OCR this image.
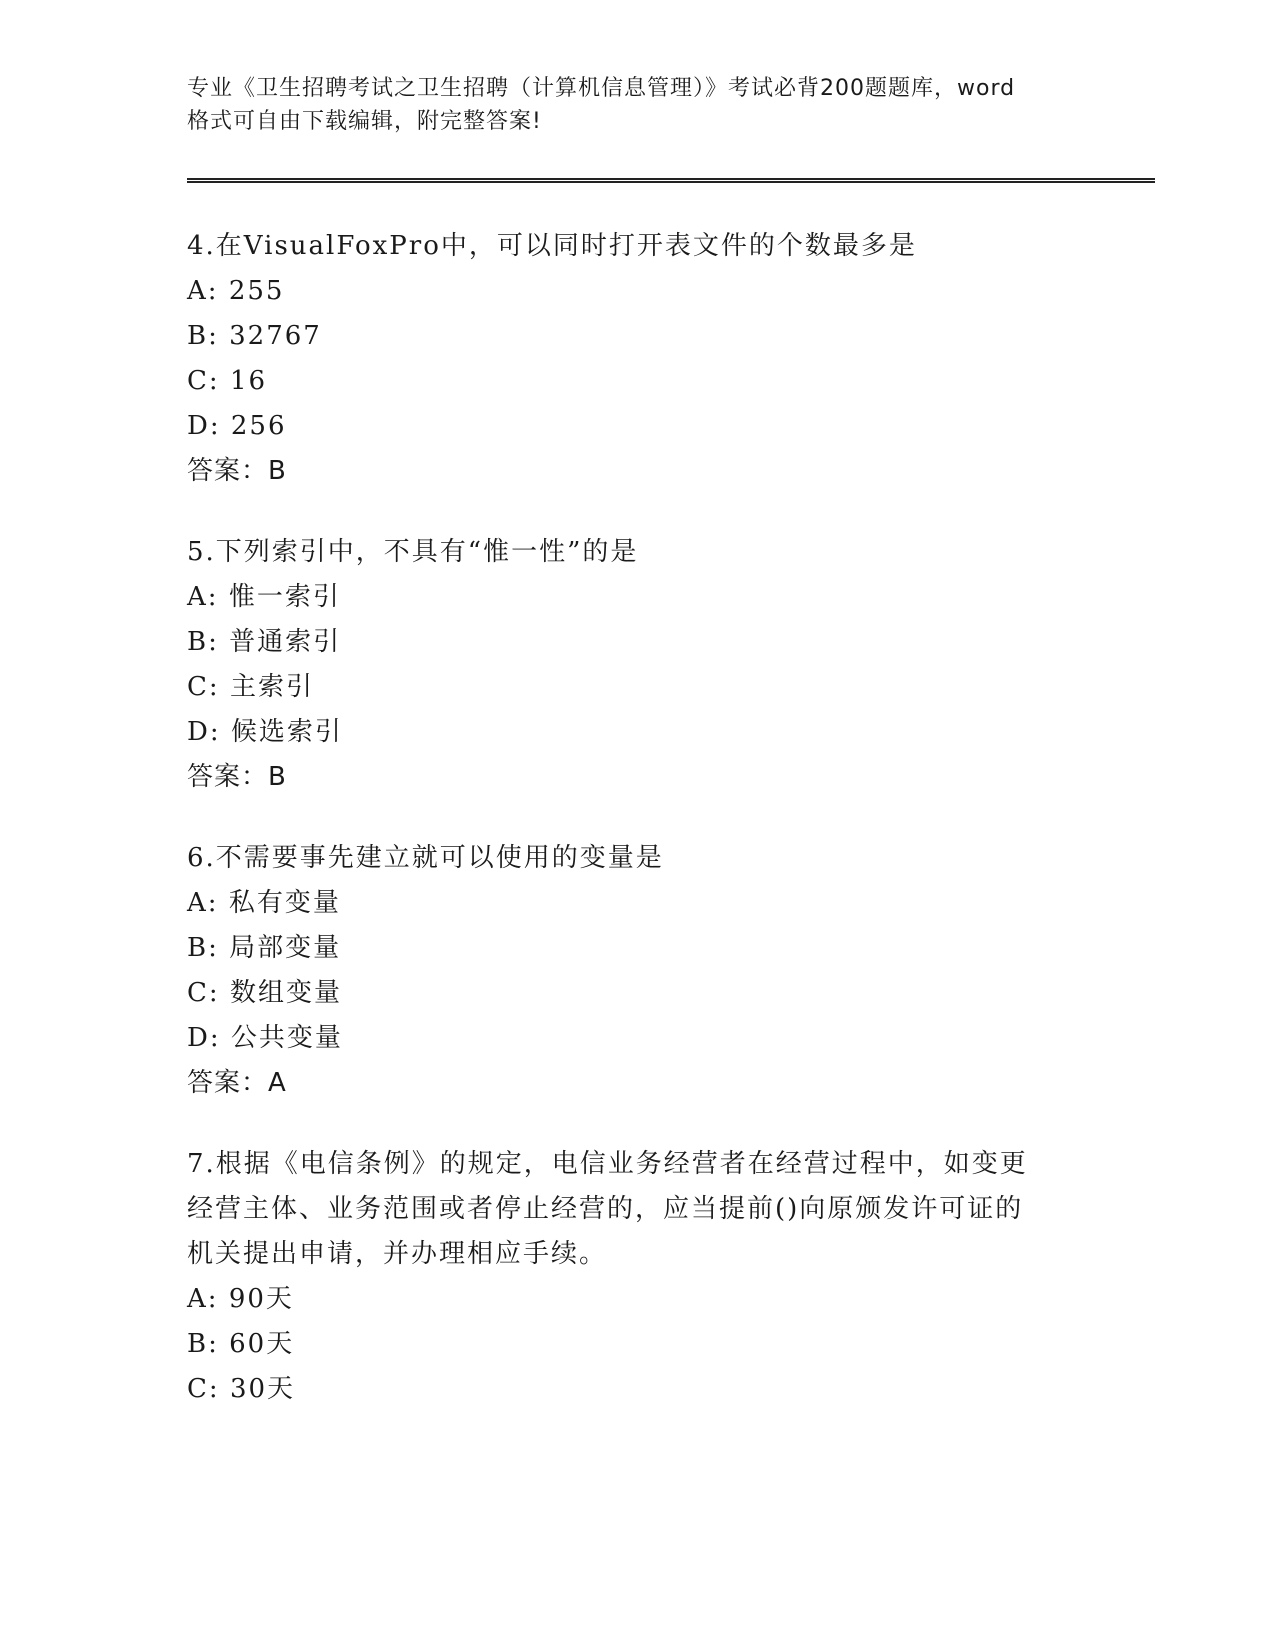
专业《卫生招聘考试之卫生招聘（计算机信息管理）》考试必背200题题库，word
格式可自由下载编辑，附完整答案!

4.在VisualFoxPro中，可以同时打开表文件的个数最多是

A: 255

B: 32767

C: 16

D: 256

答案：B

5.下列索引中，不具有“惟一性”的是

A: 惟一索引

B: 普通索引

C: 主索引

D: 候选索引

答案：B

6.不需要事先建立就可以使用的变量是

A: 私有变量

B: 局部变量

C: 数组变量

D: 公共变量

答案：A

7.根据《电信条例》的规定，电信业务经营者在经营过程中，如变更

经营主体、业务范围或者停止经营的，应当提前()向原颁发许可证的

机关提出申请，并办理相应手续。

A: 90天

B: 60天

C: 30天
